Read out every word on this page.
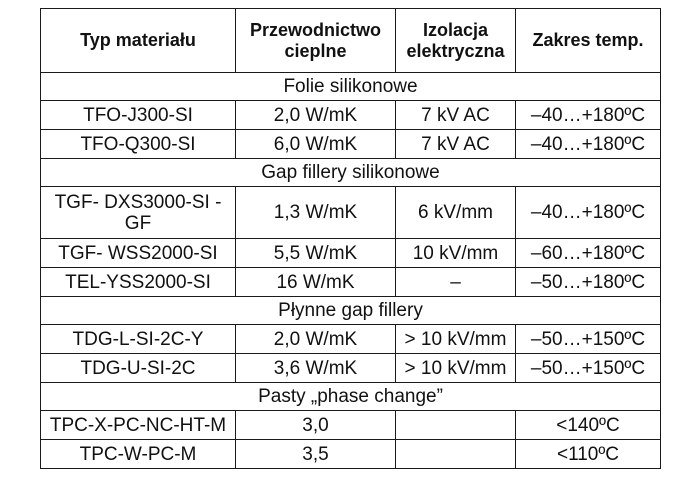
Typ materiału	Przewodnictwo cieplne	Izolacja elektryczna	Zakres temp.
Folie silikonowe			
TFO-J300-SI	2,0 W/mK	7 kV AC	–40…+180ºC
TFO-Q300-SI	6,0 W/mK	7 kV AC	–40…+180ºC
Gap fillery silikonowe			
TGF- DXS3000-SI -GF	1,3 W/mK	6 kV/mm	–40…+180ºC
TGF- WSS2000-SI	5,5 W/mK	10 kV/mm	–60…+180ºC
TEL-YSS2000-SI	16 W/mK	–	–50…+180ºC
Płynne gap fillery			
TDG-L-SI-2C-Y	2,0 W/mK	> 10 kV/mm	–50…+150ºC
TDG-U-SI-2C	3,6 W/mK	> 10 kV/mm	–50…+150ºC
Pasty „phase change”			
TPC-X-PC-NC-HT-M	3,0		<140ºC
TPC-W-PC-M	3,5		<110ºC
